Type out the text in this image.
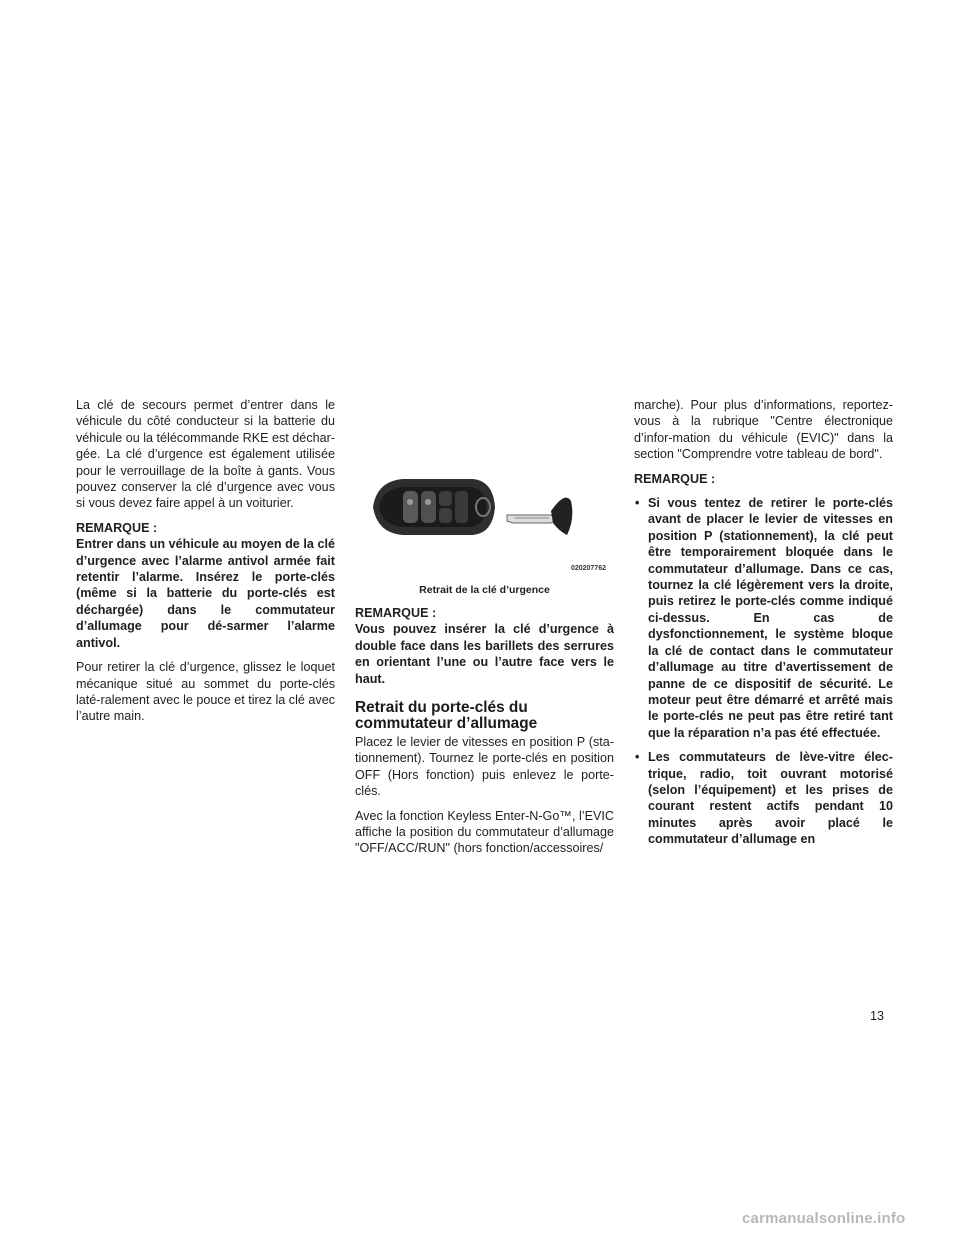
La clé de secours permet d’entrer dans le véhicule du côté conducteur si la batterie du véhicule ou la télécommande RKE est déchar-gée. La clé d’urgence est également utilisée pour le verrouillage de la boîte à gants. Vous pouvez conserver la clé d’urgence avec vous si vous devez faire appel à un voiturier.

REMARQUE :

Entrer dans un véhicule au moyen de la clé d’urgence avec l’alarme antivol armée fait retentir l’alarme. Insérez le porte-clés (même si la batterie du porte-clés est déchargée) dans le commutateur d’allumage pour dé-sarmer l’alarme antivol.

Pour retirer la clé d’urgence, glissez le loquet mécanique situé au sommet du porte-clés laté-ralement avec le pouce et tirez la clé avec l’autre main.

020207762

Retrait de la clé d’urgence

REMARQUE :

Vous pouvez insérer la clé d’urgence à double face dans les barillets des serrures en orientant l’une ou l’autre face vers le haut.

Retrait du porte-clés du commutateur d’allumage

Placez le levier de vitesses en position P (sta-tionnement). Tournez le porte-clés en position OFF (Hors fonction) puis enlevez le porte-clés.

Avec la fonction Keyless Enter-N-Go™, l’EVIC affiche la position du commutateur d’allumage "OFF/ACC/RUN" (hors fonction/accessoires/

marche). Pour plus d’informations, reportez-vous à la rubrique "Centre électronique d’infor-mation du véhicule (EVIC)" dans la section "Comprendre votre tableau de bord".

REMARQUE :

• Si vous tentez de retirer le porte-clés avant de placer le levier de vitesses en position P (stationnement), la clé peut être temporairement bloquée dans le commutateur d’allumage. Dans ce cas, tournez la clé légèrement vers la droite, puis retirez le porte-clés comme indiqué ci-dessus. En cas de dysfonctionnement, le système bloque la clé de contact dans le commutateur d’allumage au titre d’avertissement de panne de ce dispositif de sécurité. Le moteur peut être démarré et arrêté mais le porte-clés ne peut pas être retiré tant que la réparation n’a pas été effectuée.
• Les commutateurs de lève-vitre élec-trique, radio, toit ouvrant motorisé (selon l’équipement) et les prises de courant restent actifs pendant 10 minutes après avoir placé le commutateur d’allumage en
13
carmanualsonline.info
